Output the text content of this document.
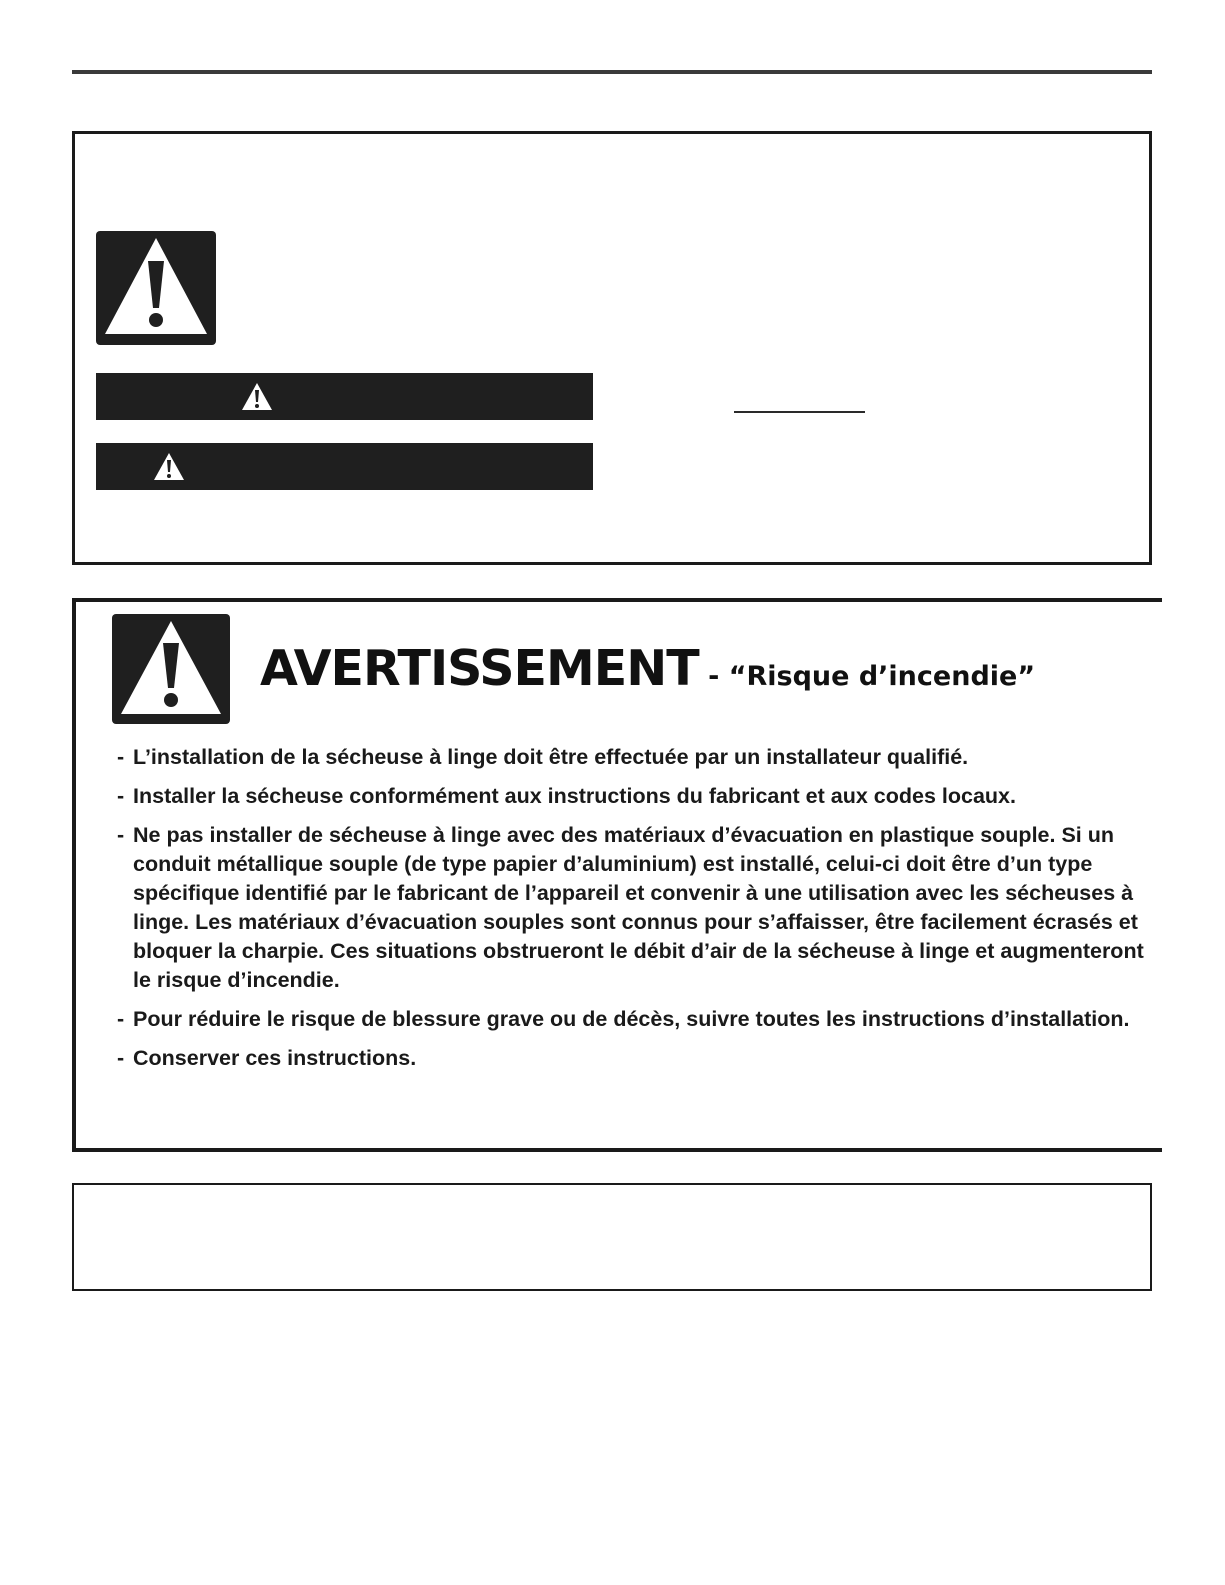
AVERTISSEMENT - “Risque d’incendie”
- L’installation de la sécheuse à linge doit être effectuée par un installateur qualifié.
- Installer la sécheuse conformément aux instructions du fabricant et aux codes locaux.
- Ne pas installer de sécheuse à linge avec des matériaux d’évacuation en plastique souple. Si un conduit métallique souple (de type papier d’aluminium) est installé, celui-ci doit être d’un type spécifique identifié par le fabricant de l’appareil et convenir à une utilisation avec les sécheuses à linge. Les matériaux d’évacuation souples sont connus pour s’affaisser, être facilement écrasés et bloquer la charpie. Ces situations obstrueront le débit d’air de la sécheuse à linge et augmenteront le risque d’incendie.
- Pour réduire le risque de blessure grave ou de décès, suivre toutes les instructions d’installation.
- Conserver ces instructions.
